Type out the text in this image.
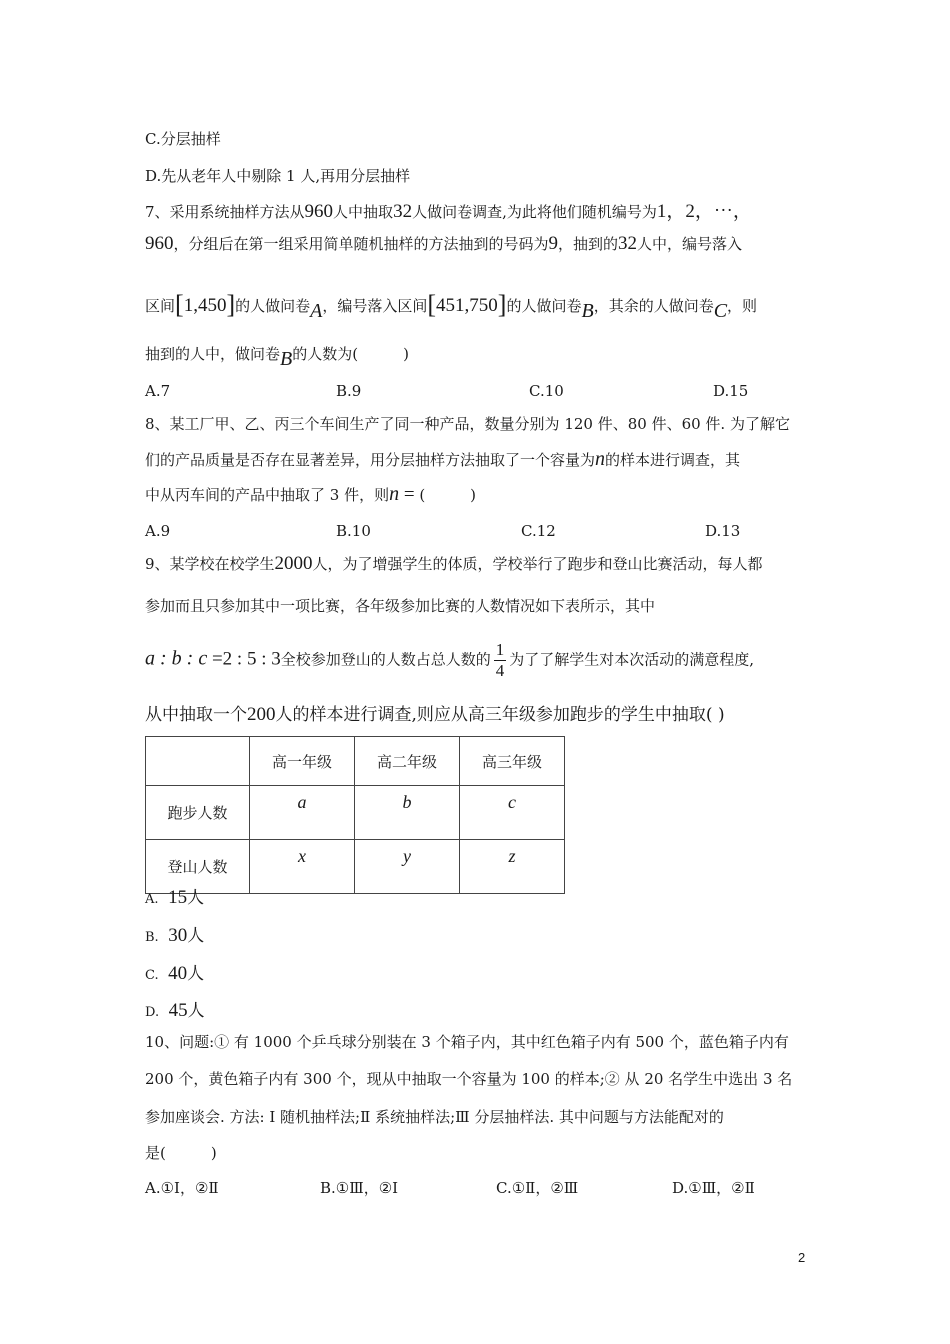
C.分层抽样
D.先从老年人中剔除 1 人,再用分层抽样
7、采用系统抽样方法从960人中抽取32人做问卷调查,为此将他们随机编号为1，2，⋯，
960，分组后在第一组采用简单随机抽样的方法抽到的号码为9，抽到的32人中，编号落入
区间[1,450]的人做问卷A，编号落入区间[451,750]的人做问卷B，其余的人做问卷C，则
抽到的人中，做问卷B的人数为(　　　)
A.7	B.9	C.10	D.15
8、某工厂甲、乙、丙三个车间生产了同一种产品，数量分别为 120 件、80 件、60 件. 为了解它
们的产品质量是否存在显著差异，用分层抽样方法抽取了一个容量为n的样本进行调查，其
中从丙车间的产品中抽取了 3 件，则n = (　　　)
A.9	B.10	C.12	D.13
9、某学校在校学生2000人，为了增强学生的体质，学校举行了跑步和登山比赛活动，每人都
参加而且只参加其中一项比赛，各年级参加比赛的人数情况如下表所示，其中
a : b : c =2 : 5 : 3全校参加登山的人数占总人数的 $\frac{1}{4}$ 为了了解学生对本次活动的满意程度,
从中抽取一个200人的样本进行调查,则应从高三年级参加跑步的学生中抽取( )
	高一年级	高二年级	高三年级
跑步人数	a	b	c
登山人数	x	y	z
A. 15人
B. 30人
C. 40人
D. 45人
10、问题:① 有 1000 个乒乓球分别装在 3 个箱子内，其中红色箱子内有 500 个，蓝色箱子内有
200 个，黄色箱子内有 300 个，现从中抽取一个容量为 100 的样本;② 从 20 名学生中选出 3 名
参加座谈会. 方法: Ⅰ 随机抽样法;Ⅱ 系统抽样法;Ⅲ 分层抽样法. 其中问题与方法能配对的
是(　　　)
A.①Ⅰ，②Ⅱ	B.①Ⅲ，②Ⅰ	C.①Ⅱ，②Ⅲ	D.①Ⅲ，②Ⅱ
2
